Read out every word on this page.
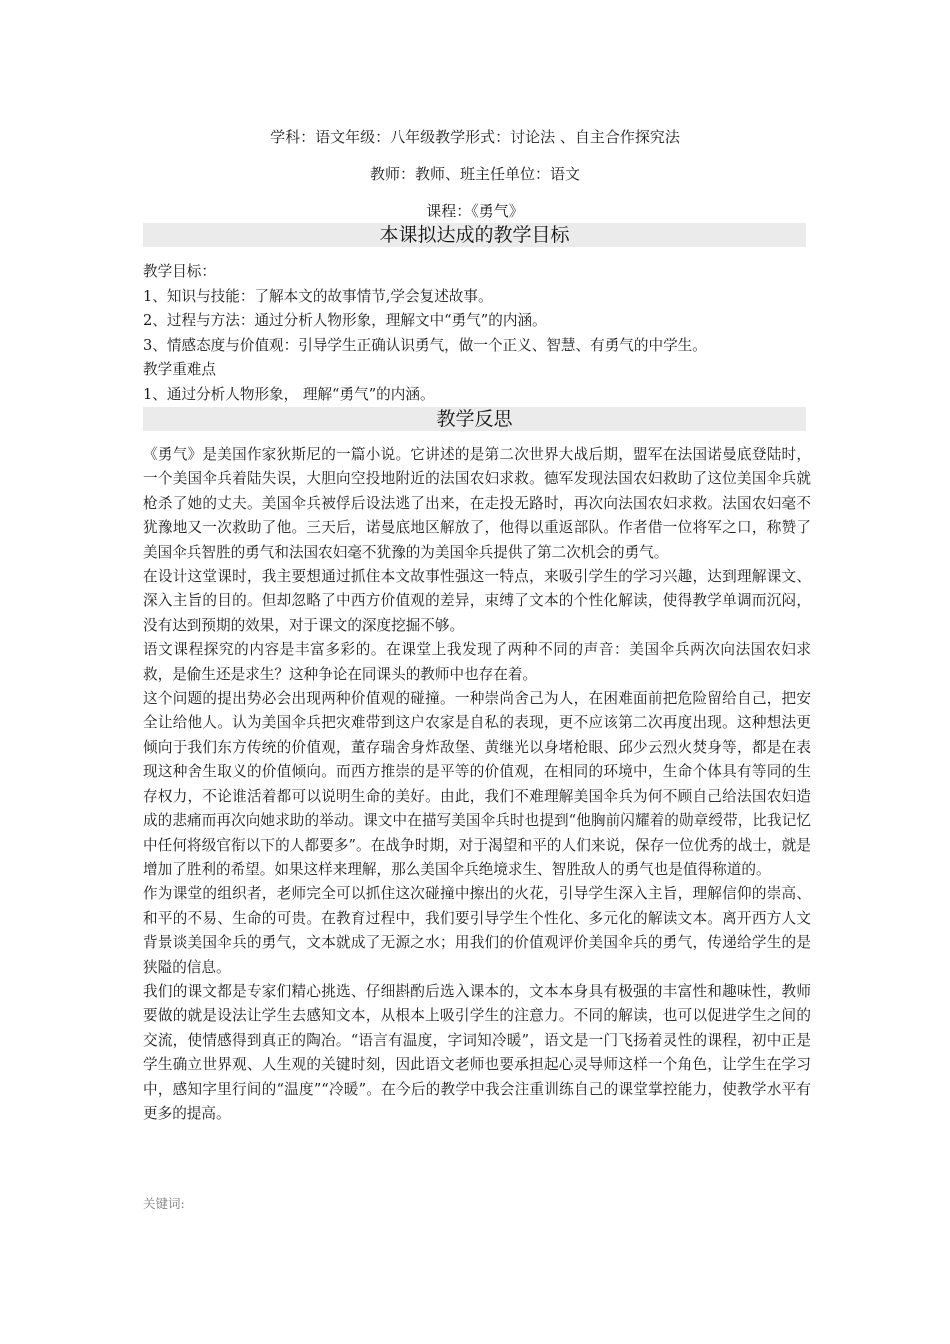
学科：语文年级：八年级教学形式：讨论法 、自主合作探究法
教师：教师、班主任单位：语文
课程：《勇气》
本课拟达成的教学目标
教学目标：
1、知识与技能：了解本文的故事情节,学会复述故事。
2、过程与方法：通过分析人物形象，理解文中“勇气”的内涵。
3、情感态度与价值观：引导学生正确认识勇气，做一个正义、智慧、有勇气的中学生。
教学重难点
1、通过分析人物形象， 理解“勇气”的内涵。
教学反思

《勇气》是美国作家狄斯尼的一篇小说。它讲述的是第二次世界大战后期，盟军在法国诺曼底登陆时，一个美国伞兵着陆失误，大胆向空投地附近的法国农妇求救。德军发现法国农妇救助了这位美国伞兵就枪杀了她的丈夫。美国伞兵被俘后设法逃了出来，在走投无路时，再次向法国农妇求救。法国农妇毫不犹豫地又一次救助了他。三天后，诺曼底地区解放了，他得以重返部队。作者借一位将军之口，称赞了美国伞兵智胜的勇气和法国农妇毫不犹豫的为美国伞兵提供了第二次机会的勇气。

在设计这堂课时，我主要想通过抓住本文故事性强这一特点，来吸引学生的学习兴趣，达到理解课文、深入主旨的目的。但却忽略了中西方价值观的差异，束缚了文本的个性化解读，使得教学单调而沉闷，没有达到预期的效果，对于课文的深度挖掘不够。

语文课程探究的内容是丰富多彩的。在课堂上我发现了两种不同的声音：美国伞兵两次向法国农妇求救，是偷生还是求生？这种争论在同课头的教师中也存在着。

这个问题的提出势必会出现两种价值观的碰撞。一种崇尚舍己为人，在困难面前把危险留给自己，把安全让给他人。认为美国伞兵把灾难带到这户农家是自私的表现，更不应该第二次再度出现。这种想法更倾向于我们东方传统的价值观，董存瑞舍身炸敌堡、黄继光以身堵枪眼、邱少云烈火焚身等，都是在表现这种舍生取义的价值倾向。而西方推崇的是平等的价值观，在相同的环境中，生命个体具有等同的生存权力，不论谁活着都可以说明生命的美好。由此，我们不难理解美国伞兵为何不顾自己给法国农妇造成的悲痛而再次向她求助的举动。课文中在描写美国伞兵时也提到“他胸前闪耀着的勋章绶带，比我记忆中任何将级官衔以下的人都要多”。在战争时期，对于渴望和平的人们来说，保存一位优秀的战士，就是增加了胜利的希望。如果这样来理解，那么美国伞兵绝境求生、智胜敌人的勇气也是值得称道的。

作为课堂的组织者，老师完全可以抓住这次碰撞中擦出的火花，引导学生深入主旨，理解信仰的崇高、和平的不易、生命的可贵。在教育过程中，我们要引导学生个性化、多元化的解读文本。离开西方人文背景谈美国伞兵的勇气，文本就成了无源之水；用我们的价值观评价美国伞兵的勇气，传递给学生的是狭隘的信息。

我们的课文都是专家们精心挑选、仔细斟酌后选入课本的，文本本身具有极强的丰富性和趣味性，教师要做的就是设法让学生去感知文本，从根本上吸引学生的注意力。不同的解读，也可以促进学生之间的交流，使情感得到真正的陶冶。“语言有温度，字词知冷暖”，语文是一门飞扬着灵性的课程，初中正是学生确立世界观、人生观的关键时刻，因此语文老师也要承担起心灵导师这样一个角色，让学生在学习中，感知字里行间的“温度”“冷暖”。在今后的教学中我会注重训练自己的课堂掌控能力，使教学水平有更多的提高。

关键词:
